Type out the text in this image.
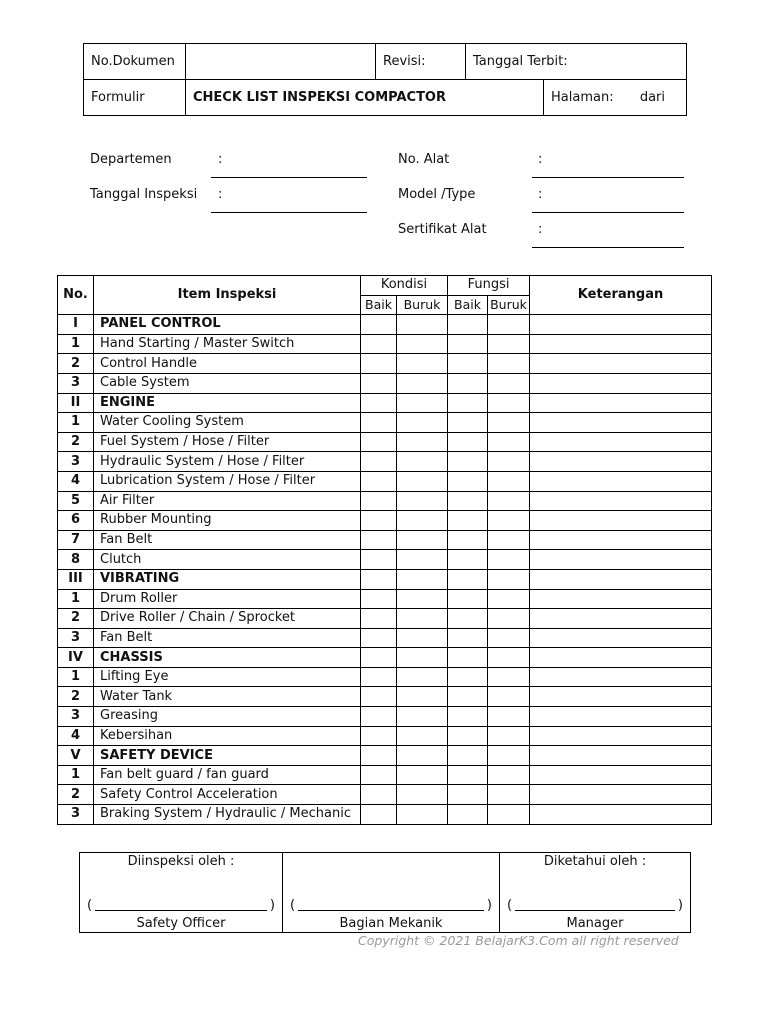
No.Dokumen	Revisi:	Tanggal Terbit:
Formulir	CHECK LIST INSPEKSI COMPACTOR	Halaman: dari
Departemen	:
Tanggal Inspeksi :
No. Alat	:
Model /Type	:
Sertifikat Alat	:
No.	Item Inspeksi	Kondisi		Fungsi		Keterangan
		Baik	Buruk	Baik	Buruk	
I	PANEL CONTROL					
1	Hand Starting / Master Switch					
2	Control Handle					
3	Cable System					
II	ENGINE					
1	Water Cooling System					
2	Fuel System / Hose / Filter					
3	Hydraulic System / Hose / Filter					
4	Lubrication System / Hose / Filter					
5	Air Filter					
6	Rubber Mounting					
7	Fan Belt					
8	Clutch					
III	VIBRATING					
1	Drum Roller					
2	Drive Roller / Chain / Sprocket					
3	Fan Belt					
IV	CHASSIS					
1	Lifting Eye					
2	Water Tank					
3	Greasing					
4	Kebersihan					
V	SAFETY DEVICE					
1	Fan belt guard / fan guard					
2	Safety Control Acceleration					
3	Braking System / Hydraulic / Mechanic					
Diinspeksi oleh :
(	)
Safety Officer

(	)
Bagian Mekanik

Diketahui oleh :
(	)
Manager
Copyright © 2021 BelajarK3.Com all right reserved
